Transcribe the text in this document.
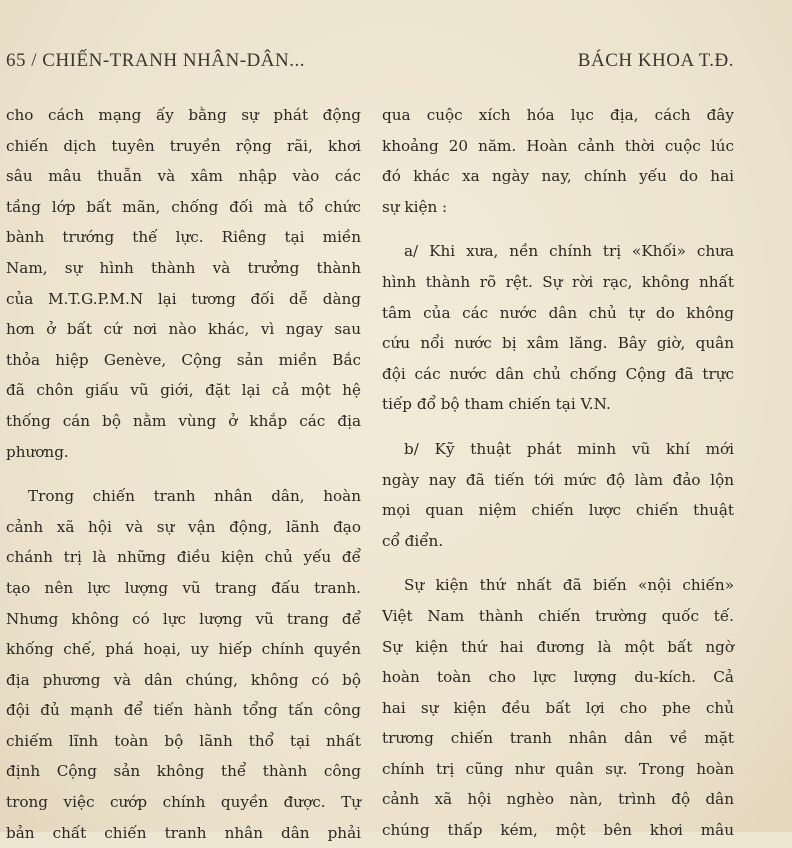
65 / CHIẾN-TRANH NHÂN-DÂN...	BÁCH KHOA T.Đ.
cho cách mạng ấy bằng sự phát động
chiến dịch tuyên truyền rộng rãi, khơi
sâu mâu thuẫn và xâm nhập vào các
tầng lớp bất mãn, chống đối mà tổ chức
bành trướng thế lực. Riêng tại miền
Nam, sự hình thành và trưởng thành
của M.T.G.P.M.N lại tương đối dễ dàng
hơn ở bất cứ nơi nào khác, vì ngay sau
thỏa hiệp Genève, Cộng sản miền Bắc
đã chôn giấu vũ giới, đặt lại cả một hệ
thống cán bộ nằm vùng ở khắp các địa
phương.
Trong chiến tranh nhân dân, hoàn
cảnh xã hội và sự vận động, lãnh đạo
chánh trị là những điều kiện chủ yếu để
tạo nên lực lượng vũ trang đấu tranh.
Nhưng không có lực lượng vũ trang để
khống chế, phá hoại, uy hiếp chính quyền
địa phương và dân chúng, không có bộ
đội đủ mạnh để tiến hành tổng tấn công
chiếm lĩnh toàn bộ lãnh thổ tại nhất
định Cộng sản không thể thành công
trong việc cướp chính quyền được. Tự
bản chất chiến tranh nhân dân phải
qua cuộc xích hóa lục địa, cách đây
khoảng 20 năm. Hoàn cảnh thời cuộc lúc
đó khác xa ngày nay, chính yếu do hai
sự kiện :
a/ Khi xưa, nền chính trị «Khối» chưa
hình thành rõ rệt. Sự rời rạc, không nhất
tâm của các nước dân chủ tự do không
cứu nổi nước bị xâm lăng. Bây giờ, quân
đội các nước dân chủ chống Cộng đã trực
tiếp đổ bộ tham chiến tại V.N.
b/ Kỹ thuật phát minh vũ khí mới
ngày nay đã tiến tới mức độ làm đảo lộn
mọi quan niệm chiến lược chiến thuật
cổ điển.
Sự kiện thứ nhất đã biến «nội chiến»
Việt Nam thành chiến trường quốc tế.
Sự kiện thứ hai đương là một bất ngờ
hoàn toàn cho lực lượng du-kích. Cả
hai sự kiện đều bất lợi cho phe chủ
trương chiến tranh nhân dân về mặt
chính trị cũng như quân sự. Trong hoàn
cảnh xã hội nghèo nàn, trình độ dân
chúng thấp kém, một bên khơi mâu
